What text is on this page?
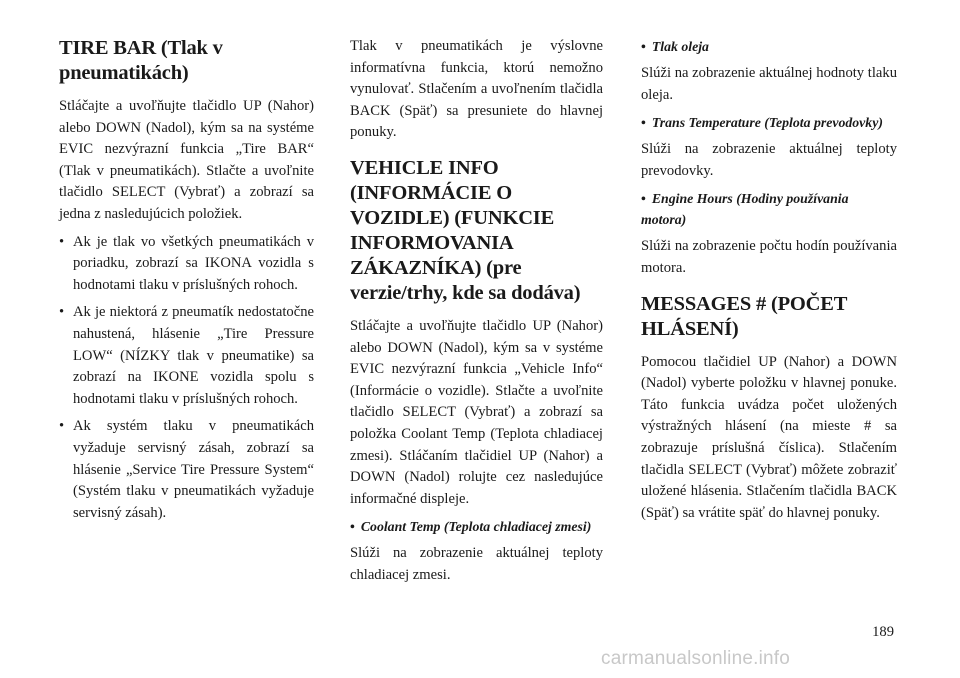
TIRE BAR (Tlak v pneumatikách)

Stláčajte a uvoľňujte tlačidlo UP (Nahor) alebo DOWN (Nadol), kým sa na systéme EVIC nezvýrazní funkcia „Tire BAR“ (Tlak v pneumatikách). Stlačte a uvoľnite tlačidlo SELECT (Vybrať) a zobrazí sa jedna z nasledujúcich položiek.

• Ak je tlak vo všetkých pneumatikách v poriadku, zobrazí sa IKONA vozidla s hodnotami tlaku v príslušných rohoch.
• Ak je niektorá z pneumatík nedostatočne nahustená, hlásenie „Tire Pressure LOW“ (NÍZKY tlak v pneumatike) sa zobrazí na IKONE vozidla spolu s hodnotami tlaku v príslušných rohoch.
• Ak systém tlaku v pneumatikách vyžaduje servisný zásah, zobrazí sa hlásenie „Service Tire Pressure System“ (Systém tlaku v pneumatikách vyžaduje servisný zásah).

Tlak v pneumatikách je výslovne informatívna funkcia, ktorú nemožno vynulovať. Stlačením a uvoľnením tlačidla BACK (Späť) sa presuniete do hlavnej ponuky.

VEHICLE INFO (INFORMÁCIE O VOZIDLE) (FUNKCIE INFORMOVANIA ZÁKAZNÍKA) (pre verzie/trhy, kde sa dodáva)

Stláčajte a uvoľňujte tlačidlo UP (Nahor) alebo DOWN (Nadol), kým sa v systéme EVIC nezvýrazní funkcia „Vehicle Info“ (Informácie o vozidle). Stlačte a uvoľnite tlačidlo SELECT (Vybrať) a zobrazí sa položka Coolant Temp (Teplota chladiacej zmesi). Stláčaním tlačidiel UP (Nahor) a DOWN (Nadol) rolujte cez nasledujúce informačné displeje.

• Coolant Temp (Teplota chladiacej zmesi)

Slúži na zobrazenie aktuálnej teploty chladiacej zmesi.

• Tlak oleja

Slúži na zobrazenie aktuálnej hodnoty tlaku oleja.

• Trans Temperature (Teplota prevodovky)

Slúži na zobrazenie aktuálnej teploty prevodovky.

• Engine Hours (Hodiny používania motora)

Slúži na zobrazenie počtu hodín používania motora.

MESSAGES # (POČET HLÁSENÍ)

Pomocou tlačidiel UP (Nahor) a DOWN (Nadol) vyberte položku v hlavnej ponuke. Táto funkcia uvádza počet uložených výstražných hlásení (na mieste # sa zobrazuje príslušná číslica). Stlačením tlačidla SELECT (Vybrať) môžete zobraziť uložené hlásenia. Stlačením tlačidla BACK (Späť) sa vrátite späť do hlavnej ponuky.

189
carmanualsonline.info
